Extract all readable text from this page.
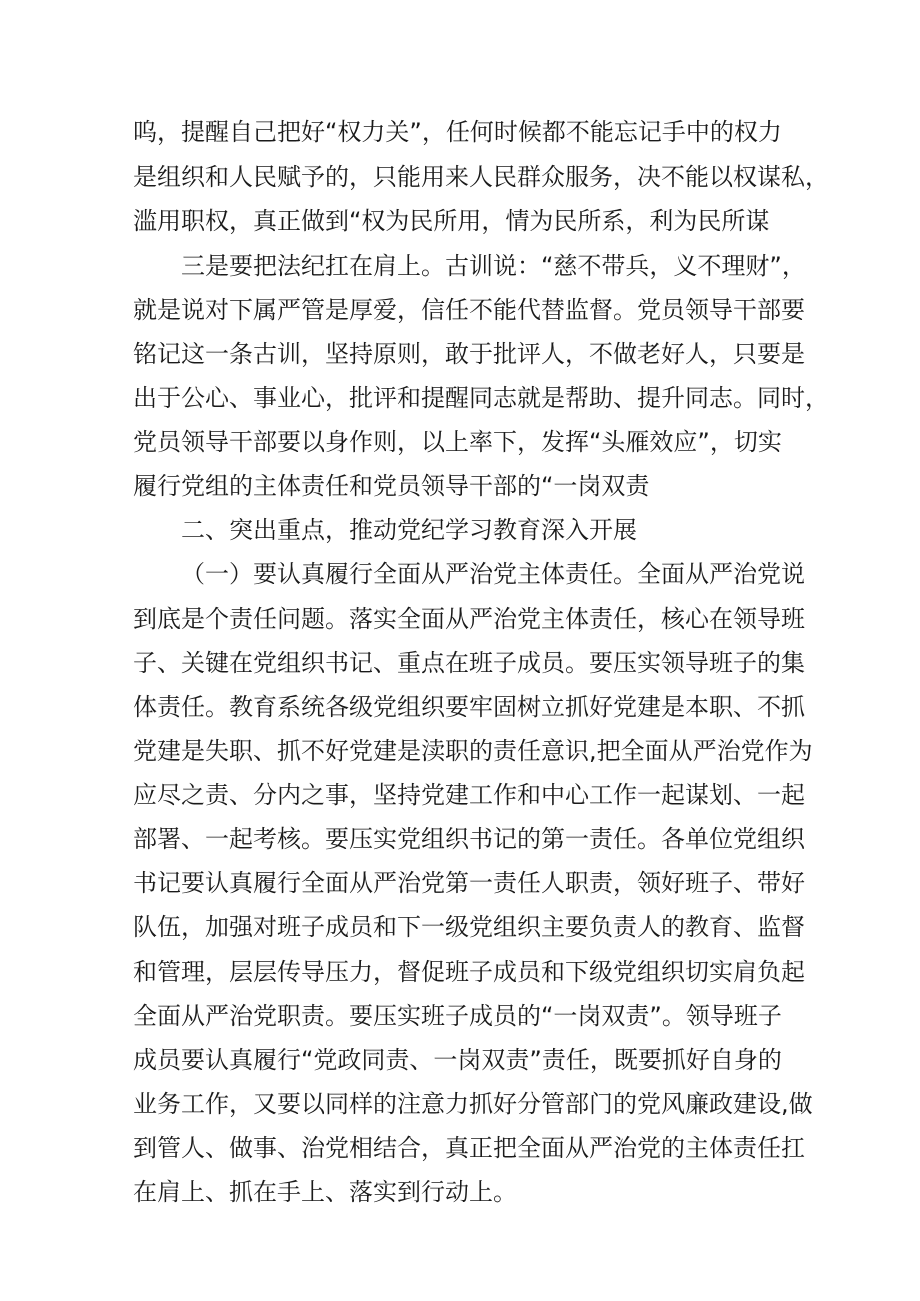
呜，提醒自己把好“权力关”，任何时候都不能忘记手中的权力
是组织和人民赋予的，只能用来人民群众服务，决不能以权谋私，
滥用职权，真正做到“权为民所用，情为民所系，利为民所谋
三是要把法纪扛在肩上。古训说：“慈不带兵，义不理财”，
就是说对下属严管是厚爱，信任不能代替监督。党员领导干部要
铭记这一条古训，坚持原则，敢于批评人，不做老好人，只要是
出于公心、事业心，批评和提醒同志就是帮助、提升同志。同时，
党员领导干部要以身作则，以上率下，发挥“头雁效应”，切实
履行党组的主体责任和党员领导干部的“一岗双责
二、突出重点，推动党纪学习教育深入开展
（一）要认真履行全面从严治党主体责任。全面从严治党说
到底是个责任问题。落实全面从严治党主体责任，核心在领导班
子、关键在党组织书记、重点在班子成员。要压实领导班子的集
体责任。教育系统各级党组织要牢固树立抓好党建是本职、不抓
党建是失职、抓不好党建是渎职的责任意识,把全面从严治党作为
应尽之责、分内之事，坚持党建工作和中心工作一起谋划、一起
部署、一起考核。要压实党组织书记的第一责任。各单位党组织
书记要认真履行全面从严治党第一责任人职责，领好班子、带好
队伍，加强对班子成员和下一级党组织主要负责人的教育、监督
和管理，层层传导压力，督促班子成员和下级党组织切实肩负起
全面从严治党职责。要压实班子成员的“一岗双责”。领导班子
成员要认真履行“党政同责、一岗双责”责任，既要抓好自身的
业务工作，又要以同样的注意力抓好分管部门的党风廉政建设,做
到管人、做事、治党相结合，真正把全面从严治党的主体责任扛
在肩上、抓在手上、落实到行动上。
